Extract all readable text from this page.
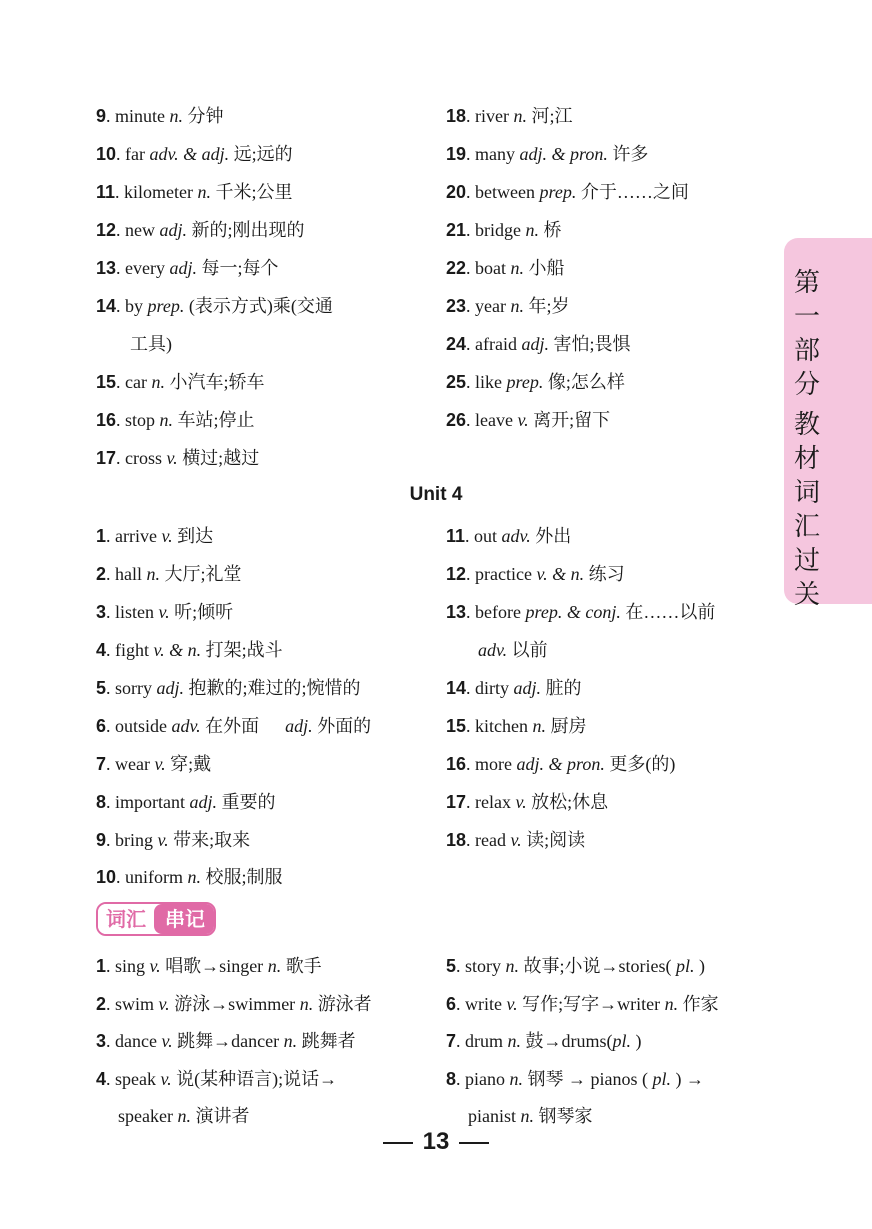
9. minute n. 分钟
10. far adv. & adj. 远;远的
11. kilometer n. 千米;公里
12. new adj. 新的;刚出现的
13. every adj. 每一;每个
14. by prep. (表示方式)乘(交通
工具)
15. car n. 小汽车;轿车
16. stop n. 车站;停止
17. cross v. 横过;越过
18. river n. 河;江
19. many adj. & pron. 许多
20. between prep. 介于……之间
21. bridge n. 桥
22. boat n. 小船
23. year n. 年;岁
24. afraid adj. 害怕;畏惧
25. like prep. 像;怎么样
26. leave v. 离开;留下
Unit 4
1. arrive v. 到达
2. hall n. 大厅;礼堂
3. listen v. 听;倾听
4. fight v. & n. 打架;战斗
5. sorry adj. 抱歉的;难过的;惋惜的
6. outside adv. 在外面 adj. 外面的
7. wear v. 穿;戴
8. important adj. 重要的
9. bring v. 带来;取来
10. uniform n. 校服;制服
11. out adv. 外出
12. practice v. & n. 练习
13. before prep. & conj. 在……以前
adv. 以前
14. dirty adj. 脏的
15. kitchen n. 厨房
16. more adj. & pron. 更多(的)
17. relax v. 放松;休息
18. read v. 读;阅读
词汇 串记
1. sing v. 唱歌→singer n. 歌手
2. swim v. 游泳→swimmer n. 游泳者
3. dance v. 跳舞→dancer n. 跳舞者
4. speak v. 说(某种语言);说话→
speaker n. 演讲者
5. story n. 故事;小说→stories( pl. )
6. write v. 写作;写字→writer n. 作家
7. drum n. 鼓→drums(pl. )
8. piano n. 钢琴 → pianos ( pl. ) →
pianist n. 钢琴家
第一部分
教材词汇过关
13
